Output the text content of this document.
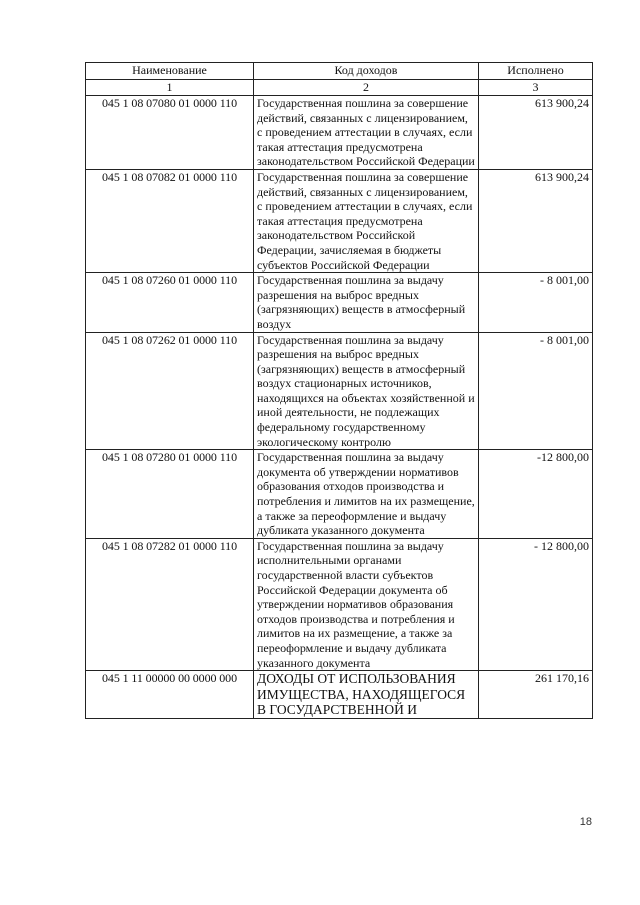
Наименование	Код доходов	Исполнено
1	2	3
045 1 08 07080 01 0000 110	Государственная пошлина за совершение действий, связанных с лицензированием, с проведением аттестации в случаях, если такая аттестация предусмотрена законодательством Российской Федерации	613 900,24
045 1 08 07082 01 0000 110	Государственная пошлина за совершение действий, связанных с лицензированием, с проведением аттестации в случаях, если такая аттестация предусмотрена законодательством Российской Федерации, зачисляемая в бюджеты субъектов Российской Федерации	613 900,24
045 1 08 07260 01 0000 110	Государственная пошлина за выдачу разрешения на выброс вредных (загрязняющих) веществ в атмосферный воздух	- 8 001,00
045 1 08 07262 01 0000 110	Государственная пошлина за выдачу разрешения на выброс вредных (загрязняющих) веществ в атмосферный воздух стационарных источников, находящихся на объектах хозяйственной и иной деятельности, не подлежащих федеральному государственному экологическому контролю	- 8 001,00
045 1 08 07280 01 0000 110	Государственная пошлина за выдачу документа об утверждении нормативов образования отходов производства и потребления и лимитов на их размещение, а также за переоформление и выдачу дубликата указанного документа	-12 800,00
045 1 08 07282 01 0000 110	Государственная пошлина за выдачу исполнительными органами государственной власти субъектов Российской Федерации документа об утверждении нормативов образования отходов производства и потребления и лимитов на их размещение, а также за переоформление и выдачу дубликата указанного документа	- 12 800,00
045 1 11 00000 00 0000 000	ДОХОДЫ ОТ ИСПОЛЬЗОВАНИЯ ИМУЩЕСТВА, НАХОДЯЩЕГОСЯ В ГОСУДАРСТВЕННОЙ И	261 170,16
18
